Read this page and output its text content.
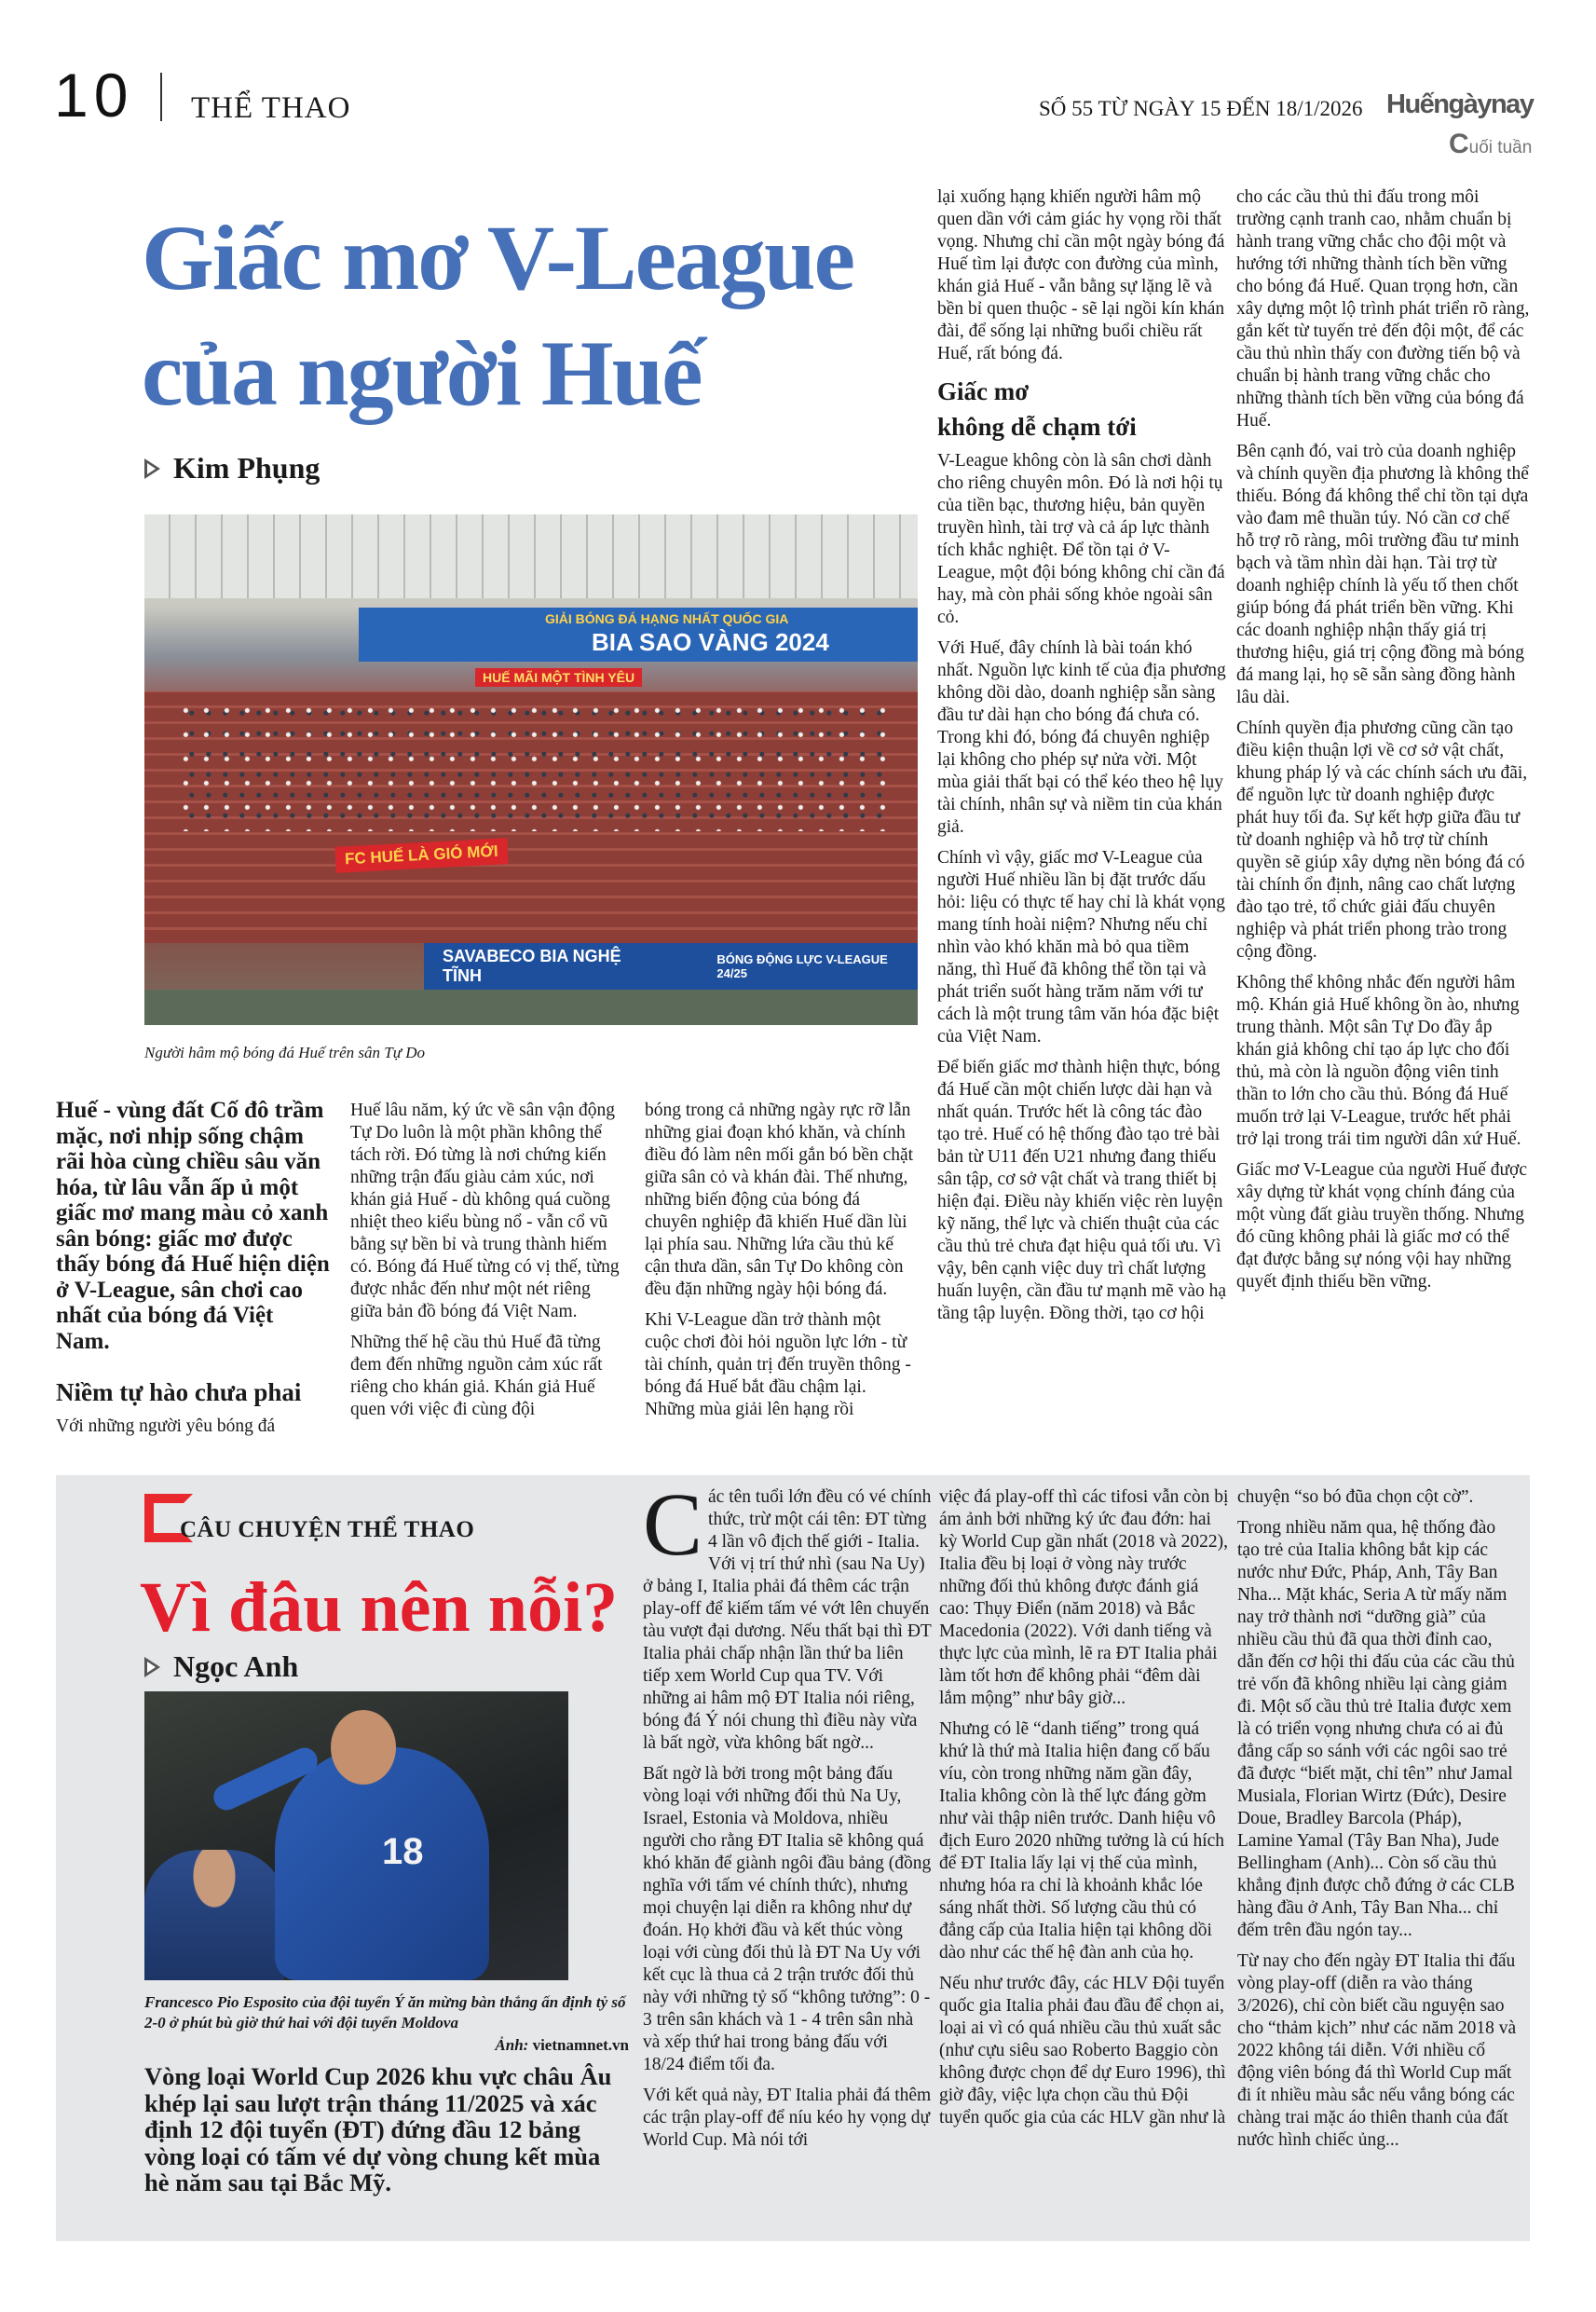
10 THỂ THAO	SỐ 55 TỪ NGÀY 15 ĐẾN 18/1/2026 Huếngàynay
Cuối tuần
Giấc mơ V-League
của người Huế
Kim Phụng
GIẢI BÓNG ĐÁ HẠNG NHẤT QUỐC GIA
BIA SAO VÀNG 2024
HUẾ MÃI MỘT TÌNH YÊU
FC HUẾ LÀ GIÓ MỚI
SAVABECO BIA NGHỆ TĨNH
BÓNG ĐỘNG LỰC V-LEAGUE 24/25
Người hâm mộ bóng đá Huế trên sân Tự Do
Huế - vùng đất Cố đô trầm mặc, nơi nhịp sống chậm rãi hòa cùng chiều sâu văn hóa, từ lâu vẫn ấp ủ một giấc mơ mang màu cỏ xanh sân bóng: giấc mơ được thấy bóng đá Huế hiện diện ở V-League, sân chơi cao nhất của bóng đá Việt Nam.
Niềm tự hào chưa phai

Với những người yêu bóng đá

Huế lâu năm, ký ức về sân vận động Tự Do luôn là một phần không thể tách rời. Đó từng là nơi chứng kiến những trận đấu giàu cảm xúc, nơi khán giả Huế - dù không quá cuồng nhiệt theo kiểu bùng nổ - vẫn cổ vũ bằng sự bền bỉ và trung thành hiếm có. Bóng đá Huế từng có vị thế, từng được nhắc đến như một nét riêng giữa bản đồ bóng đá Việt Nam.

Những thế hệ cầu thủ Huế đã từng đem đến những nguồn cảm xúc rất riêng cho khán giả. Khán giả Huế quen với việc đi cùng đội

bóng trong cả những ngày rực rỡ lẫn những giai đoạn khó khăn, và chính điều đó làm nên mối gắn bó bền chặt giữa sân cỏ và khán đài. Thế nhưng, những biến động của bóng đá chuyên nghiệp đã khiến Huế dần lùi lại phía sau. Những lứa cầu thủ kế cận thưa dần, sân Tự Do không còn đều đặn những ngày hội bóng đá.

Khi V-League dần trở thành một cuộc chơi đòi hỏi nguồn lực lớn - từ tài chính, quản trị đến truyền thông - bóng đá Huế bắt đầu chậm lại. Những mùa giải lên hạng rồi

lại xuống hạng khiến người hâm mộ quen dần với cảm giác hy vọng rồi thất vọng. Nhưng chỉ cần một ngày bóng đá Huế tìm lại được con đường của mình, khán giả Huế - vẫn bằng sự lặng lẽ và bền bỉ quen thuộc - sẽ lại ngồi kín khán đài, để sống lại những buổi chiều rất Huế, rất bóng đá.

Giấc mơ
không dễ chạm tới

V-League không còn là sân chơi dành cho riêng chuyên môn. Đó là nơi hội tụ của tiền bạc, thương hiệu, bản quyền truyền hình, tài trợ và cả áp lực thành tích khắc nghiệt. Để tồn tại ở V-League, một đội bóng không chỉ cần đá hay, mà còn phải sống khỏe ngoài sân cỏ.

Với Huế, đây chính là bài toán khó nhất. Nguồn lực kinh tế của địa phương không dồi dào, doanh nghiệp sẵn sàng đầu tư dài hạn cho bóng đá chưa có. Trong khi đó, bóng đá chuyên nghiệp lại không cho phép sự nửa vời. Một mùa giải thất bại có thể kéo theo hệ lụy tài chính, nhân sự và niềm tin của khán giả.

Chính vì vậy, giấc mơ V-League của người Huế nhiều lần bị đặt trước dấu hỏi: liệu có thực tế hay chỉ là khát vọng mang tính hoài niệm? Nhưng nếu chỉ nhìn vào khó khăn mà bỏ qua tiềm năng, thì Huế đã không thể tồn tại và phát triển suốt hàng trăm năm với tư cách là một trung tâm văn hóa đặc biệt của Việt Nam.

Để biến giấc mơ thành hiện thực, bóng đá Huế cần một chiến lược dài hạn và nhất quán. Trước hết là công tác đào tạo trẻ. Huế có hệ thống đào tạo trẻ bài bản từ U11 đến U21 nhưng đang thiếu sân tập, cơ sở vật chất và trang thiết bị hiện đại. Điều này khiến việc rèn luyện kỹ năng, thể lực và chiến thuật của các cầu thủ trẻ chưa đạt hiệu quả tối ưu. Vì vậy, bên cạnh việc duy trì chất lượng huấn luyện, cần đầu tư mạnh mẽ vào hạ tầng tập luyện. Đồng thời, tạo cơ hội

cho các cầu thủ thi đấu trong môi trường cạnh tranh cao, nhằm chuẩn bị hành trang vững chắc cho đội một và hướng tới những thành tích bền vững cho bóng đá Huế. Quan trọng hơn, cần xây dựng một lộ trình phát triển rõ ràng, gắn kết từ tuyến trẻ đến đội một, để các cầu thủ nhìn thấy con đường tiến bộ và chuẩn bị hành trang vững chắc cho những thành tích bền vững của bóng đá Huế.

Bên cạnh đó, vai trò của doanh nghiệp và chính quyền địa phương là không thể thiếu. Bóng đá không thể chỉ tồn tại dựa vào đam mê thuần túy. Nó cần cơ chế hỗ trợ rõ ràng, môi trường đầu tư minh bạch và tầm nhìn dài hạn. Tài trợ từ doanh nghiệp chính là yếu tố then chốt giúp bóng đá phát triển bền vững. Khi các doanh nghiệp nhận thấy giá trị thương hiệu, giá trị cộng đồng mà bóng đá mang lại, họ sẽ sẵn sàng đồng hành lâu dài.

Chính quyền địa phương cũng cần tạo điều kiện thuận lợi về cơ sở vật chất, khung pháp lý và các chính sách ưu đãi, để nguồn lực từ doanh nghiệp được phát huy tối đa. Sự kết hợp giữa đầu tư từ doanh nghiệp và hỗ trợ từ chính quyền sẽ giúp xây dựng nền bóng đá có tài chính ổn định, nâng cao chất lượng đào tạo trẻ, tổ chức giải đấu chuyên nghiệp và phát triển phong trào trong cộng đồng.

Không thể không nhắc đến người hâm mộ. Khán giả Huế không ồn ào, nhưng trung thành. Một sân Tự Do đầy ắp khán giả không chỉ tạo áp lực cho đối thủ, mà còn là nguồn động viên tinh thần to lớn cho cầu thủ. Bóng đá Huế muốn trở lại V-League, trước hết phải trở lại trong trái tim người dân xứ Huế.

Giấc mơ V-League của người Huế được xây dựng từ khát vọng chính đáng của một vùng đất giàu truyền thống. Nhưng đó cũng không phải là giấc mơ có thể đạt được bằng sự nóng vội hay những quyết định thiếu bền vững.

CÂU CHUYỆN THỂ THAO
Vì đâu nên nỗi?
Ngọc Anh
18
Francesco Pio Esposito của đội tuyển Ý ăn mừng bàn thắng ấn định tỷ số 2-0 ở phút bù giờ thứ hai với đội tuyển Moldova
Ảnh: vietnamnet.vn
Vòng loại World Cup 2026 khu vực châu Âu khép lại sau lượt trận tháng 11/2025 và xác định 12 đội tuyển (ĐT) đứng đầu 12 bảng vòng loại có tấm vé dự vòng chung kết mùa hè năm sau tại Bắc Mỹ.

Các tên tuổi lớn đều có vé chính thức, trừ một cái tên: ĐT từng 4 lần vô địch thế giới - Italia. Với vị trí thứ nhì (sau Na Uy) ở bảng I, Italia phải đá thêm các trận play-off để kiếm tấm vé vớt lên chuyến tàu vượt đại dương. Nếu thất bại thì ĐT Italia phải chấp nhận lần thứ ba liên tiếp xem World Cup qua TV. Với những ai hâm mộ ĐT Italia nói riêng, bóng đá Ý nói chung thì điều này vừa là bất ngờ, vừa không bất ngờ...

Bất ngờ là bởi trong một bảng đấu vòng loại với những đối thủ Na Uy, Israel, Estonia và Moldova, nhiều người cho rằng ĐT Italia sẽ không quá khó khăn để giành ngôi đầu bảng (đồng nghĩa với tấm vé chính thức), nhưng mọi chuyện lại diễn ra không như dự đoán. Họ khởi đầu và kết thúc vòng loại với cùng đối thủ là ĐT Na Uy với kết cục là thua cả 2 trận trước đối thủ này với những tỷ số “không tưởng”: 0 - 3 trên sân khách và 1 - 4 trên sân nhà và xếp thứ hai trong bảng đấu với 18/24 điểm tối đa.

Với kết quả này, ĐT Italia phải đá thêm các trận play-off để níu kéo hy vọng dự World Cup. Mà nói tới

việc đá play-off thì các tifosi vẫn còn bị ám ảnh bởi những ký ức đau đớn: hai kỳ World Cup gần nhất (2018 và 2022), Italia đều bị loại ở vòng này trước những đối thủ không được đánh giá cao: Thụy Điển (năm 2018) và Bắc Macedonia (2022). Với danh tiếng và thực lực của mình, lẽ ra ĐT Italia phải làm tốt hơn để không phải “đêm dài lắm mộng” như bây giờ...

Nhưng có lẽ “danh tiếng” trong quá khứ là thứ mà Italia hiện đang cố bấu víu, còn trong những năm gần đây, Italia không còn là thế lực đáng gờm như vài thập niên trước. Danh hiệu vô địch Euro 2020 những tưởng là cú hích để ĐT Italia lấy lại vị thế của mình, nhưng hóa ra chỉ là khoảnh khắc lóe sáng nhất thời. Số lượng cầu thủ có đẳng cấp của Italia hiện tại không dồi dào như các thế hệ đàn anh của họ.

Nếu như trước đây, các HLV Đội tuyển quốc gia Italia phải đau đầu để chọn ai, loại ai vì có quá nhiều cầu thủ xuất sắc (như cựu siêu sao Roberto Baggio còn không được chọn để dự Euro 1996), thì giờ đây, việc lựa chọn cầu thủ Đội tuyển quốc gia của các HLV gần như là

chuyện “so bó đũa chọn cột cờ”.

Trong nhiều năm qua, hệ thống đào tạo trẻ của Italia không bắt kịp các nước như Đức, Pháp, Anh, Tây Ban Nha... Mặt khác, Seria A từ mấy năm nay trở thành nơi “dưỡng già” của nhiều cầu thủ đã qua thời đỉnh cao, dẫn đến cơ hội thi đấu của các cầu thủ trẻ vốn đã không nhiều lại càng giảm đi. Một số cầu thủ trẻ Italia được xem là có triển vọng nhưng chưa có ai đủ đẳng cấp so sánh với các ngôi sao trẻ đã được “biết mặt, chỉ tên” như Jamal Musiala, Florian Wirtz (Đức), Desire Doue, Bradley Barcola (Pháp), Lamine Yamal (Tây Ban Nha), Jude Bellingham (Anh)... Còn số cầu thủ khẳng định được chỗ đứng ở các CLB hàng đầu ở Anh, Tây Ban Nha... chỉ đếm trên đầu ngón tay...

Từ nay cho đến ngày ĐT Italia thi đấu vòng play-off (diễn ra vào tháng 3/2026), chỉ còn biết cầu nguyện sao cho “thảm kịch” như các năm 2018 và 2022 không tái diễn. Với nhiều cổ động viên bóng đá thì World Cup mất đi ít nhiều màu sắc nếu vắng bóng các chàng trai mặc áo thiên thanh của đất nước hình chiếc ủng...
